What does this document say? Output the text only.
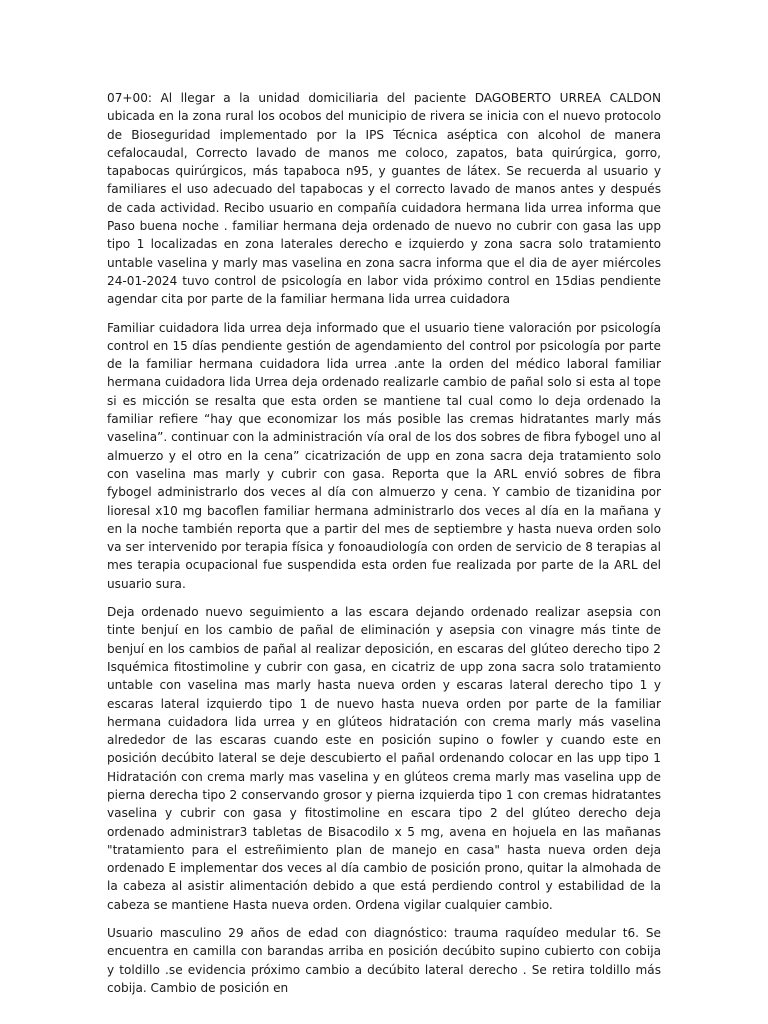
07+00: Al llegar a la unidad domiciliaria del paciente DAGOBERTO URREA CALDON ubicada en la zona rural los ocobos del municipio de rivera se inicia con el nuevo protocolo de Bioseguridad implementado por la IPS Técnica aséptica con alcohol de manera cefalocaudal, Correcto lavado de manos me coloco, zapatos, bata quirúrgica, gorro, tapabocas quirúrgicos, más tapaboca n95, y guantes de látex. Se recuerda al usuario y familiares el uso adecuado del tapabocas y el correcto lavado de manos antes y después de cada actividad. Recibo usuario en compañía cuidadora hermana lida urrea informa que Paso buena noche . familiar hermana deja ordenado de nuevo no cubrir con gasa las upp tipo 1 localizadas en zona laterales derecho e izquierdo y zona sacra solo tratamiento untable vaselina y marly mas vaselina en zona sacra informa que el dia de ayer miércoles 24-01-2024 tuvo control de psicología en labor vida próximo control en 15dias pendiente agendar cita por parte de la familiar hermana lida urrea cuidadora

Familiar cuidadora lida urrea deja informado que el usuario tiene valoración por psicología control en 15 días pendiente gestión de agendamiento del control por psicología por parte de la familiar hermana cuidadora lida urrea .ante la orden del médico laboral familiar hermana cuidadora lida Urrea deja ordenado realizarle cambio de pañal solo si esta al tope si es micción se resalta que esta orden se mantiene tal cual como lo deja ordenado la familiar refiere “hay que economizar los más posible las cremas hidratantes marly más vaselina”. continuar con la administración vía oral de los dos sobres de fibra fybogel uno al almuerzo y el otro en la cena” cicatrización de upp en zona sacra deja tratamiento solo con vaselina mas marly y cubrir con gasa. Reporta que la ARL envió sobres de fibra fybogel administrarlo dos veces al día con almuerzo y cena. Y cambio de tizanidina por lioresal x10 mg bacoflen familiar hermana administrarlo dos veces al día en la mañana y en la noche también reporta que a partir del mes de septiembre y hasta nueva orden solo va ser intervenido por terapia física y fonoaudiología con orden de servicio de 8 terapias al mes terapia ocupacional fue suspendida esta orden fue realizada por parte de la ARL del usuario sura.

Deja ordenado nuevo seguimiento a las escara dejando ordenado realizar asepsia con tinte benjuí en los cambio de pañal de eliminación y asepsia con vinagre más tinte de benjuí en los cambios de pañal al realizar deposición, en escaras del glúteo derecho tipo 2 Isquémica fitostimoline y cubrir con gasa, en cicatriz de upp zona sacra solo tratamiento untable con vaselina mas marly hasta nueva orden y escaras lateral derecho tipo 1 y escaras lateral izquierdo tipo 1 de nuevo hasta nueva orden por parte de la familiar hermana cuidadora lida urrea y en glúteos hidratación con crema marly más vaselina alrededor de las escaras cuando este en posición supino o fowler y cuando este en posición decúbito lateral se deje descubierto el pañal ordenando colocar en las upp tipo 1 Hidratación con crema marly mas vaselina y en glúteos crema marly mas vaselina upp de pierna derecha tipo 2 conservando grosor y pierna izquierda tipo 1 con cremas hidratantes vaselina y cubrir con gasa y fitostimoline en escara tipo 2 del glúteo derecho deja ordenado administrar3 tabletas de Bisacodilo x 5 mg, avena en hojuela en las mañanas "tratamiento para el estreñimiento plan de manejo en casa" hasta nueva orden deja ordenado E implementar dos veces al día cambio de posición prono, quitar la almohada de la cabeza al asistir alimentación debido a que está perdiendo control y estabilidad de la cabeza se mantiene Hasta nueva orden. Ordena vigilar cualquier cambio.

Usuario masculino 29 años de edad con diagnóstico: trauma raquídeo medular t6. Se encuentra en camilla con barandas arriba en posición decúbito supino cubierto con cobija y toldillo .se evidencia próximo cambio a decúbito lateral derecho . Se retira toldillo más cobija. Cambio de posición en
